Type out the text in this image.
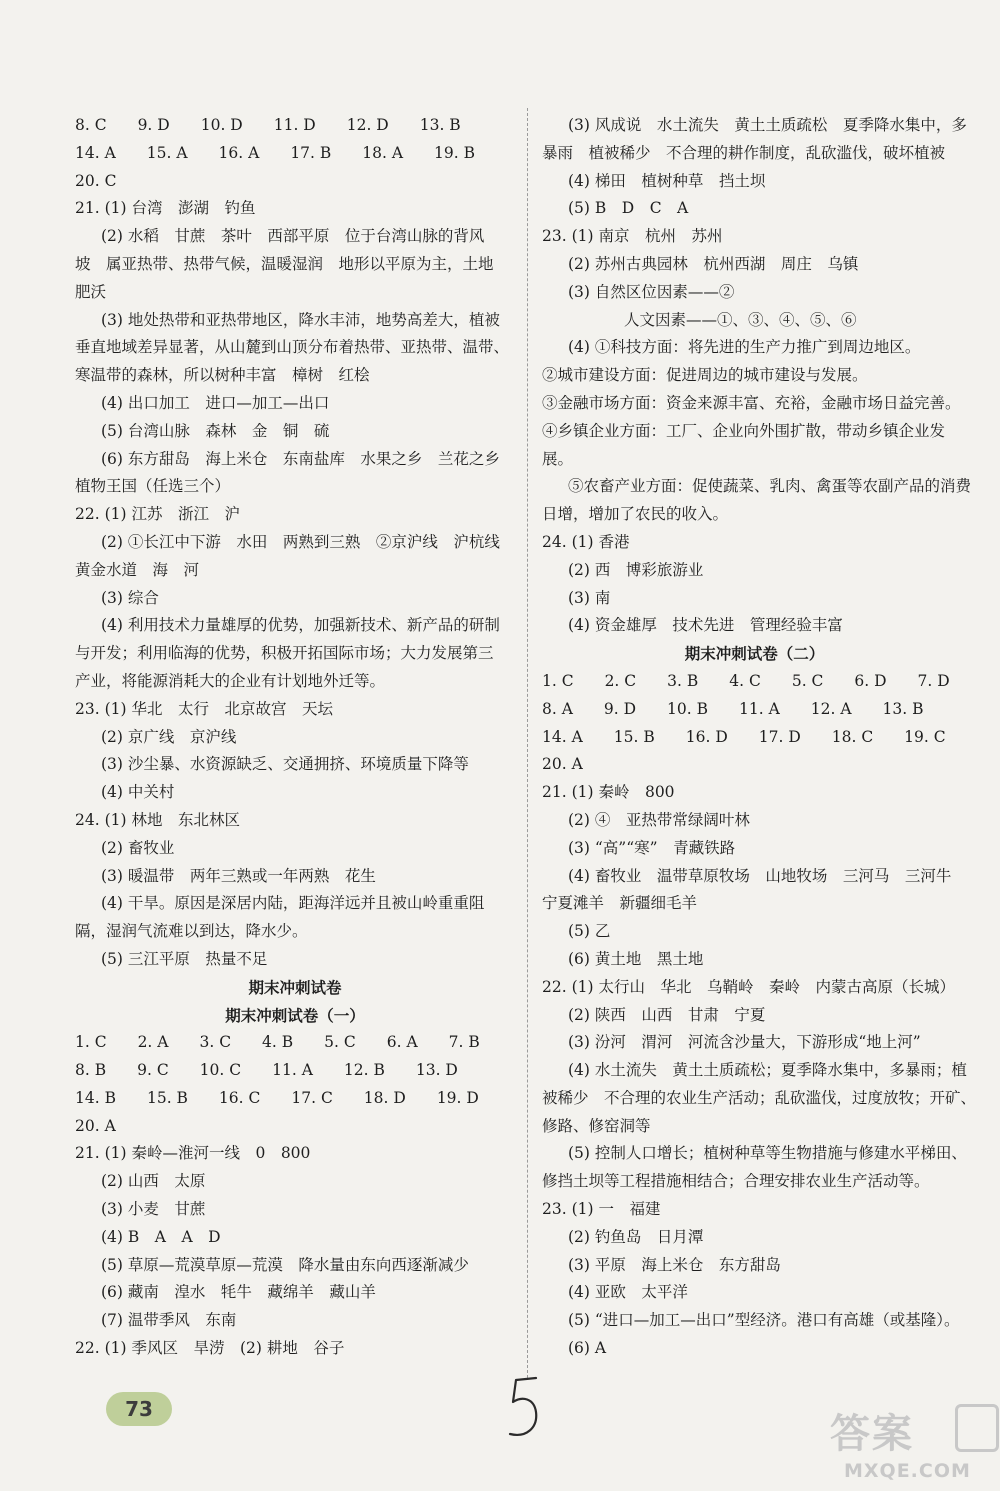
8. C　　9. D　　10. D　　11. D　　12. D　　13. B
14. A　　15. A　　16. A　　17. B　　18. A　　19. B
20. C
21. (1) 台湾　澎湖　钓鱼
(2) 水稻　甘蔗　茶叶　西部平原　位于台湾山脉的背风
坡　属亚热带、热带气候，温暖湿润　地形以平原为主，土地
肥沃
(3) 地处热带和亚热带地区，降水丰沛，地势高差大，植被
垂直地域差异显著，从山麓到山顶分布着热带、亚热带、温带、
寒温带的森林，所以树种丰富　樟树　红桧
(4) 出口加工　进口—加工—出口
(5) 台湾山脉　森林　金　铜　硫
(6) 东方甜岛　海上米仓　东南盐库　水果之乡　兰花之乡
植物王国（任选三个）
22. (1) 江苏　浙江　沪
(2) ①长江中下游　水田　两熟到三熟　②京沪线　沪杭线
黄金水道　海　河
(3) 综合
(4) 利用技术力量雄厚的优势，加强新技术、新产品的研制
与开发；利用临海的优势，积极开拓国际市场；大力发展第三
产业，将能源消耗大的企业有计划地外迁等。
23. (1) 华北　太行　北京故宫　天坛
(2) 京广线　京沪线
(3) 沙尘暴、水资源缺乏、交通拥挤、环境质量下降等
(4) 中关村
24. (1) 林地　东北林区
(2) 畜牧业
(3) 暖温带　两年三熟或一年两熟　花生
(4) 干旱。原因是深居内陆，距海洋远并且被山岭重重阻
隔，湿润气流难以到达，降水少。
(5) 三江平原　热量不足
期末冲刺试卷
期末冲刺试卷（一）
1. C　　2. A　　3. C　　4. B　　5. C　　6. A　　7. B
8. B　　9. C　　10. C　　11. A　　12. B　　13. D
14. B　　15. B　　16. C　　17. C　　18. D　　19. D
20. A
21. (1) 秦岭—淮河一线　0　800
(2) 山西　太原
(3) 小麦　甘蔗
(4) B　A　A　D
(5) 草原—荒漠草原—荒漠　降水量由东向西逐渐减少
(6) 藏南　湟水　牦牛　藏绵羊　藏山羊
(7) 温带季风　东南
22. (1) 季风区　旱涝　(2) 耕地　谷子
(3) 风成说　水土流失　黄土土质疏松　夏季降水集中，多
暴雨　植被稀少　不合理的耕作制度，乱砍滥伐，破坏植被
(4) 梯田　植树种草　挡土坝
(5) B　D　C　A
23. (1) 南京　杭州　苏州
(2) 苏州古典园林　杭州西湖　周庄　乌镇
(3) 自然区位因素——②
人文因素——①、③、④、⑤、⑥
(4) ①科技方面：将先进的生产力推广到周边地区。
②城市建设方面：促进周边的城市建设与发展。
③金融市场方面：资金来源丰富、充裕，金融市场日益完善。
④乡镇企业方面：工厂、企业向外围扩散，带动乡镇企业发
展。
⑤农畜产业方面：促使蔬菜、乳肉、禽蛋等农副产品的消费
日增，增加了农民的收入。
24. (1) 香港
(2) 西　博彩旅游业
(3) 南
(4) 资金雄厚　技术先进　管理经验丰富
期末冲刺试卷（二）
1. C　　2. C　　3. B　　4. C　　5. C　　6. D　　7. D
8. A　　9. D　　10. B　　11. A　　12. A　　13. B
14. A　　15. B　　16. D　　17. D　　18. C　　19. C
20. A
21. (1) 秦岭　800
(2) ④　亚热带常绿阔叶林
(3) “高”“寒”　青藏铁路
(4) 畜牧业　温带草原牧场　山地牧场　三河马　三河牛
宁夏滩羊　新疆细毛羊
(5) 乙
(6) 黄土地　黑土地
22. (1) 太行山　华北　乌鞘岭　秦岭　内蒙古高原（长城）
(2) 陕西　山西　甘肃　宁夏
(3) 汾河　渭河　河流含沙量大，下游形成“地上河”
(4) 水土流失　黄土土质疏松；夏季降水集中，多暴雨；植
被稀少　不合理的农业生产活动；乱砍滥伐，过度放牧；开矿、
修路、修窑洞等
(5) 控制人口增长；植树种草等生物措施与修建水平梯田、
修挡土坝等工程措施相结合；合理安排农业生产活动等。
23. (1) 一　福建
(2) 钓鱼岛　日月潭
(3) 平原　海上米仓　东方甜岛
(4) 亚欧　太平洋
(5) “进口—加工—出口”型经济。港口有高雄（或基隆）。
(6) A
73
答案
MXQE.COM
